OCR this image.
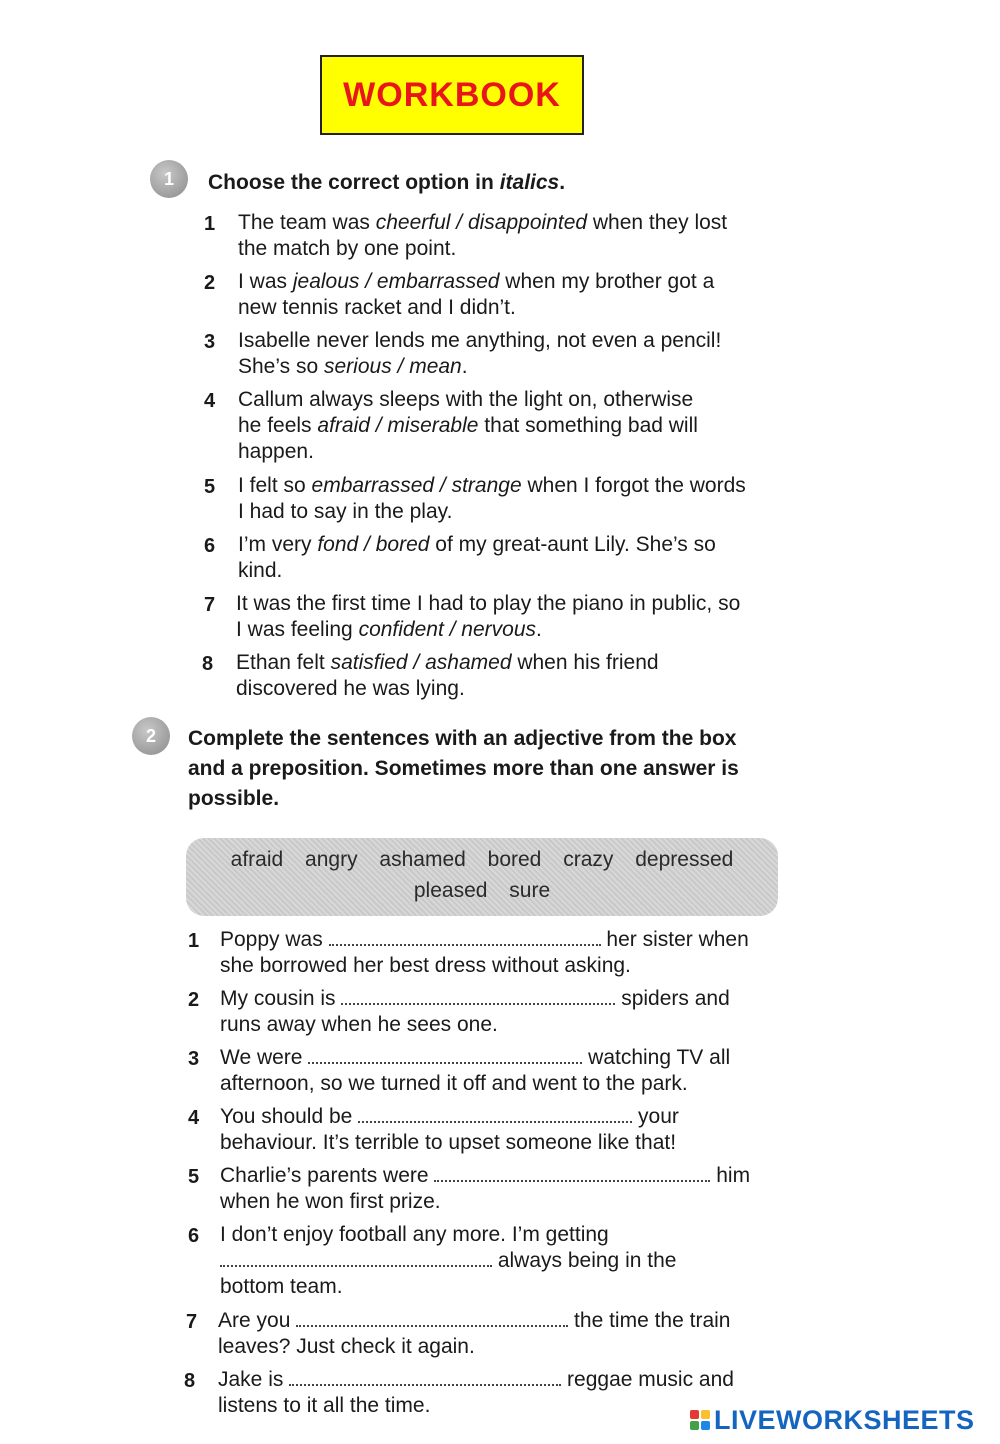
WORKBOOK
1	Choose the correct option in italics.
1 The team was cheerful / disappointed when they lost
the match by one point.
2 I was jealous / embarrassed when my brother got a
new tennis racket and I didn’t.
3 Isabelle never lends me anything, not even a pencil!
She’s so serious / mean.
4 Callum always sleeps with the light on, otherwise
he feels afraid / miserable that something bad will
happen.
5 I felt so embarrassed / strange when I forgot the words
I had to say in the play.
6 I’m very fond / bored of my great-aunt Lily. She’s so
kind.
7 It was the first time I had to play the piano in public, so
I was feeling confident / nervous.
8 Ethan felt satisfied / ashamed when his friend
discovered he was lying.
2	Complete the sentences with an adjective from the box
and a preposition. Sometimes more than one answer is
possible.
afraid angry ashamed bored crazy depressed
pleased sure
1 Poppy was	her sister when
she borrowed her best dress without asking.
2 My cousin is	spiders and
runs away when he sees one.
3 We were	watching TV all
afternoon, so we turned it off and went to the park.
4 You should be	your
behaviour. It’s terrible to upset someone like that!
5 Charlie’s parents were	him
when he won first prize.
6 I don’t enjoy football any more. I’m getting
always being in the
bottom team.
7 Are you	the time the train
leaves? Just check it again.
8 Jake is	reggae music and
listens to it all the time.	LIVEWORKSHEETS
